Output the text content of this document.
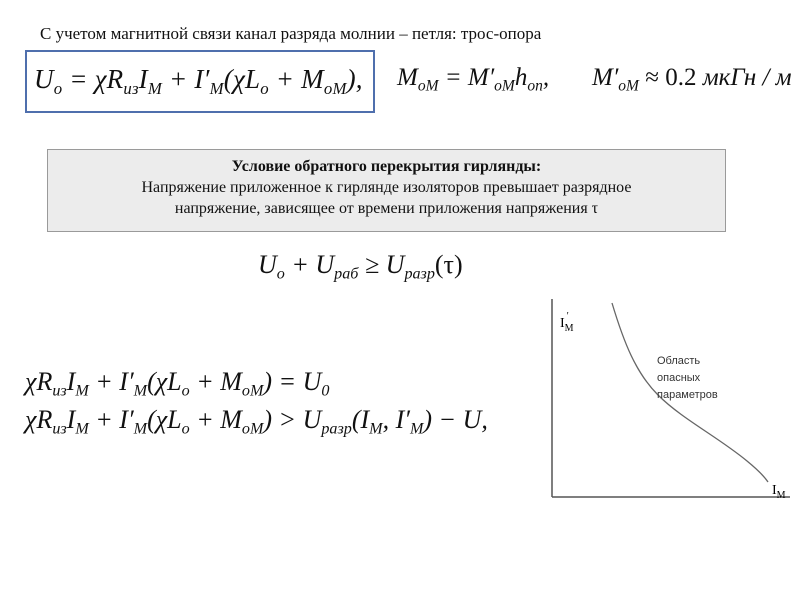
С учетом магнитной связи канал разряда молнии – петля: трос-опора
$U_o = \chi R_{из}I_M + I'_M(\chi L_o + M_{oM})$, $M_{oM} = M'_{oM}h_{oп}$, $M'_{oM} \approx 0.2$ мкГн / м
Условие обратного перекрытия гирлянды:
Напряжение приложенное к гирлянде изоляторов превышает разрядное
напряжение, зависящее от времени приложения напряжения τ
$U_o + U_{раб} \ge U_{разр}(\tau)$
$\chi R_{из}I_M + I'_M(\chi L_o + M_{oM}) = U_0$
$\chi R_{из}I_M + I'_M(\chi L_o + M_{oM}) > U_{разр}(I_M$, $I'_M) - U$,
$I_М'$
$I_М$
Область
опасных
параметров
